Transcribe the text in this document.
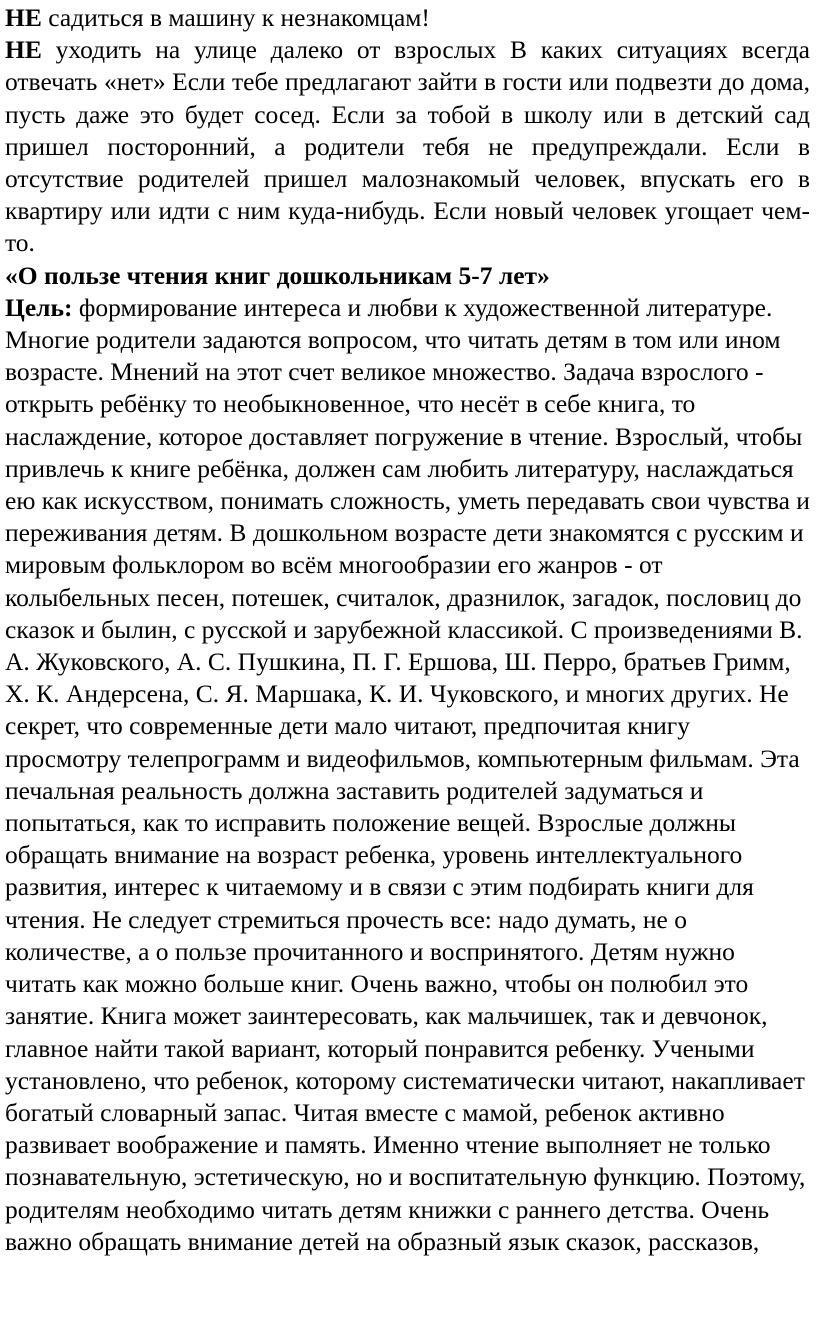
НЕ садиться в машину к незнакомцам!

НЕ уходить на улице далеко от взрослых В каких ситуациях всегда отвечать «нет» Если тебе предлагают зайти в гости или подвезти до дома, пусть даже это будет сосед. Если за тобой в школу или в детский сад пришел посторонний, а родители тебя не предупреждали. Если в отсутствие родителей пришел малознакомый человек, впускать его в квартиру или идти с ним куда-нибудь. Если новый человек угощает чем-то.

«О пользе чтения книг дошкольникам 5-7 лет»

Цель: формирование интереса и любви к художественной литературе. Многие родители задаются вопросом, что читать детям в том или ином возрасте. Мнений на этот счет великое множество. Задача взрослого - открыть ребёнку то необыкновенное, что несёт в себе книга, то наслаждение, которое доставляет погружение в чтение. Взрослый, чтобы привлечь к книге ребёнка, должен сам любить литературу, наслаждаться ею как искусством, понимать сложность, уметь передавать свои чувства и переживания детям. В дошкольном возрасте дети знакомятся с русским и мировым фольклором во всём многообразии его жанров - от колыбельных песен, потешек, считалок, дразнилок, загадок, пословиц до сказок и былин, с русской и зарубежной классикой. С произведениями В. А. Жуковского, А. С. Пушкина, П. Г. Ершова, Ш. Перро, братьев Гримм, Х. К. Андерсена, С. Я. Маршака, К. И. Чуковского, и многих других. Не секрет, что современные дети мало читают, предпочитая книгу просмотру телепрограмм и видеофильмов, компьютерным фильмам. Эта печальная реальность должна заставить родителей задуматься и попытаться, как то исправить положение вещей. Взрослые должны обращать внимание на возраст ребенка, уровень интеллектуального развития, интерес к читаемому и в связи с этим подбирать книги для чтения. Не следует стремиться прочесть все: надо думать, не о количестве, а о пользе прочитанного и воспринятого. Детям нужно читать как можно больше книг. Очень важно, чтобы он полюбил это занятие. Книга может заинтересовать, как мальчишек, так и девчонок, главное найти такой вариант, который понравится ребенку. Учеными установлено, что ребенок, которому систематически читают, накапливает богатый словарный запас. Читая вместе с мамой, ребенок активно развивает воображение и память. Именно чтение выполняет не только познавательную, эстетическую, но и воспитательную функцию. Поэтому, родителям необходимо читать детям книжки с раннего детства. Очень важно обращать внимание детей на образный язык сказок, рассказов,
